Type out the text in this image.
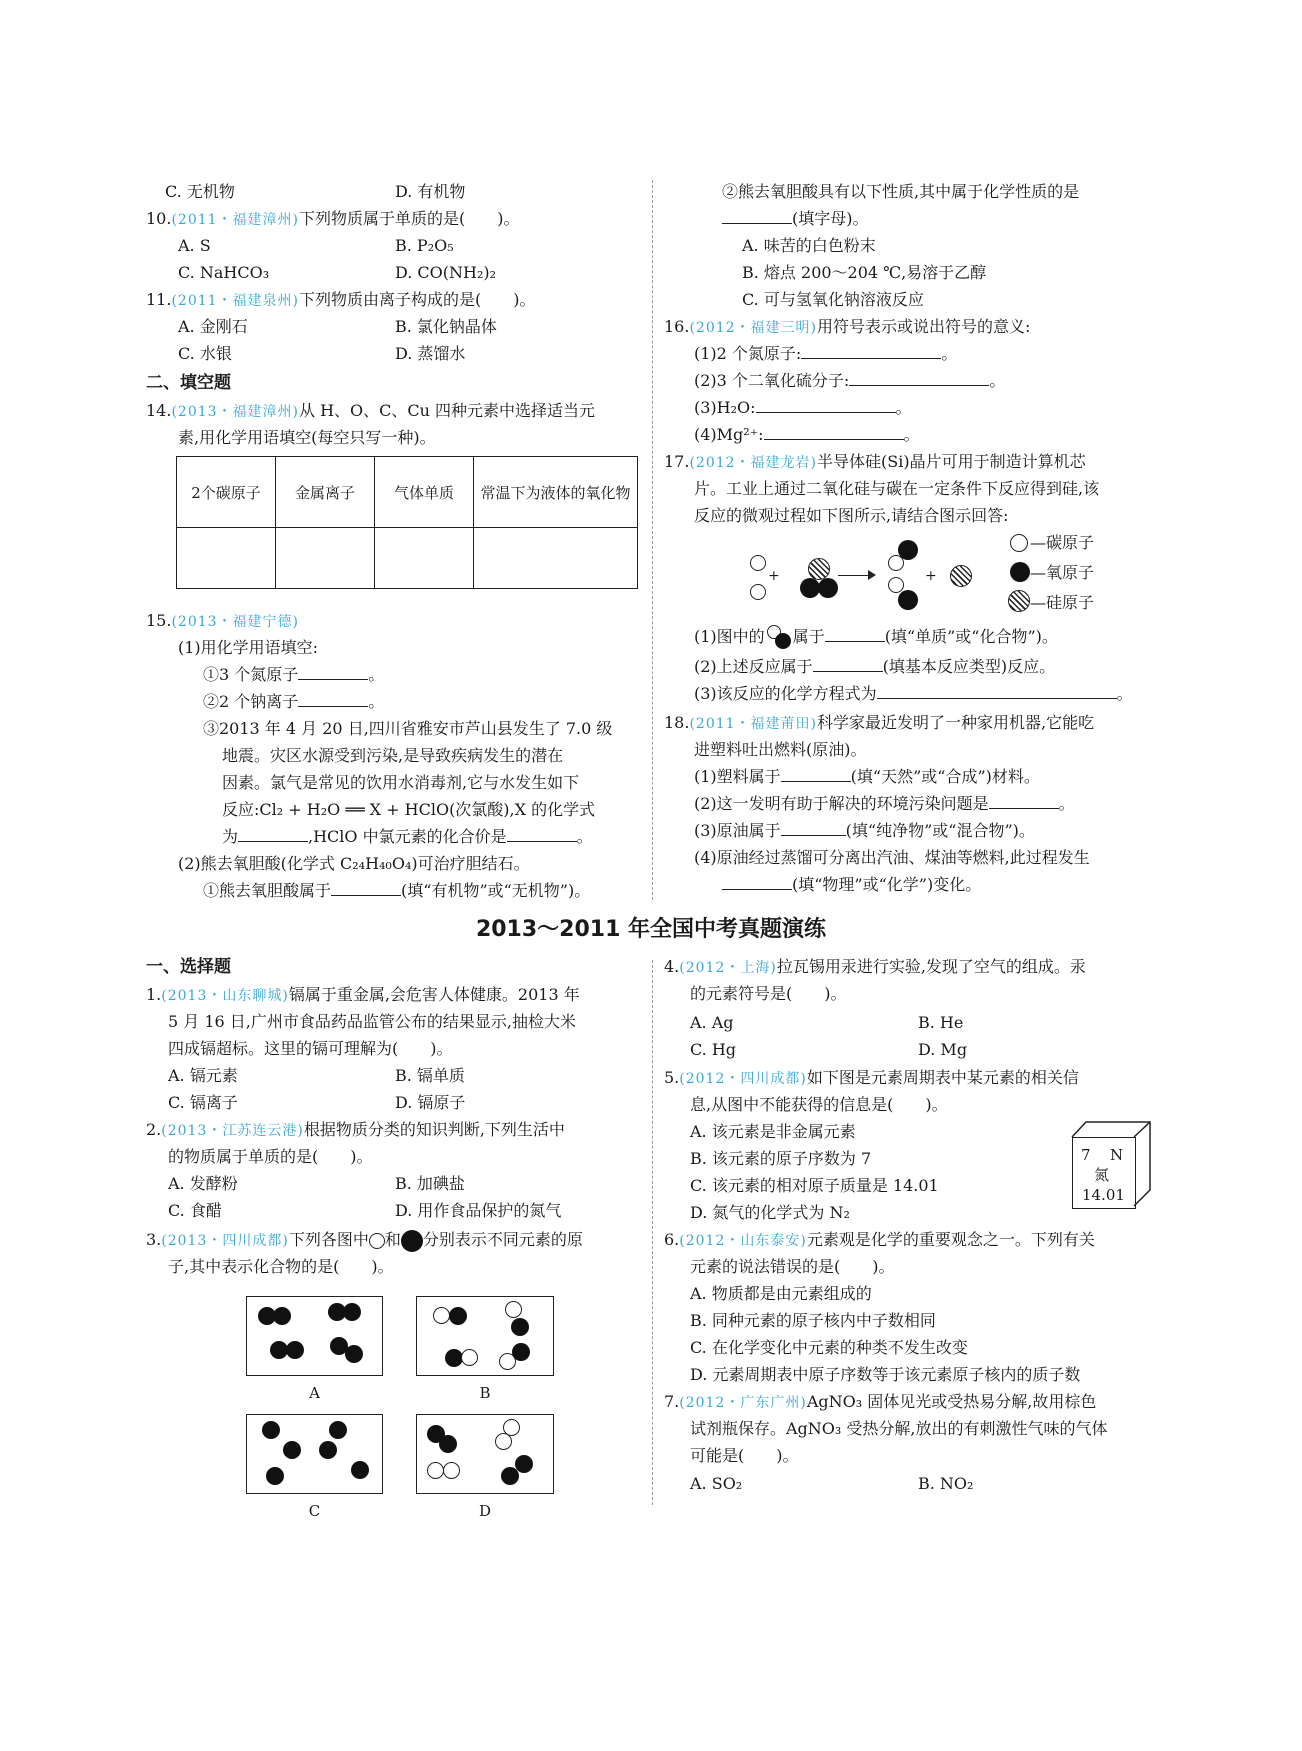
C. 无机物	D. 有机物
10.(2011・福建漳州)下列物质属于单质的是(　　)。
A. S	B. P₂O₅
C. NaHCO₃	D. CO(NH₂)₂
11.(2011・福建泉州)下列物质由离子构成的是(　　)。
A. 金刚石	B. 氯化钠晶体
C. 水银	D. 蒸馏水
二、填空题
14.(2013・福建漳州)从 H、O、C、Cu 四种元素中选择适当元
素,用化学用语填空(每空只写一种)。
2个碳原子	金属离子	气体单质	常温下为液体的氧化物

15.(2013・福建宁德)
(1)用化学用语填空:
①3 个氮原子	。
②2 个钠离子	。
③2013 年 4 月 20 日,四川省雅安市芦山县发生了 7.0 级
地震。灾区水源受到污染,是导致疾病发生的潜在
因素。氯气是常见的饮用水消毒剂,它与水发生如下
反应:Cl₂ + H₂O ══ X + HClO(次氯酸),X 的化学式
为	,HClO 中氯元素的化合价是	。
(2)熊去氧胆酸(化学式 C₂₄H₄₀O₄)可治疗胆结石。
①熊去氧胆酸属于	(填“有机物”或“无机物”)。
②熊去氧胆酸具有以下性质,其中属于化学性质的是
(填字母)。
A. 味苦的白色粉末
B. 熔点 200～204 ℃,易溶于乙醇
C. 可与氢氧化钠溶液反应
16.(2012・福建三明)用符号表示或说出符号的意义:
(1)2 个氮原子:	。
(2)3 个二氧化硫分子:	。
(3)H₂O:	。
(4)Mg²⁺:	。
17.(2012・福建龙岩)半导体硅(Si)晶片可用于制造计算机芯
片。工业上通过二氧化硅与碳在一定条件下反应得到硅,该
反应的微观过程如下图所示,请结合图示回答:
+	+
—碳原子
—氧原子
—硅原子
(1)图中的 属于	(填“单质”或“化合物”)。
(2)上述反应属于	(填基本反应类型)反应。
(3)该反应的化学方程式为	。
18.(2011・福建莆田)科学家最近发明了一种家用机器,它能吃
进塑料吐出燃料(原油)。
(1)塑料属于	(填“天然”或“合成”)材料。
(2)这一发明有助于解决的环境污染问题是	。
(3)原油属于	(填“纯净物”或“混合物”)。
(4)原油经过蒸馏可分离出汽油、煤油等燃料,此过程发生
(填“物理”或“化学”)变化。
2013～2011 年全国中考真题演练
一、选择题
1.(2013・山东聊城)镉属于重金属,会危害人体健康。2013 年
5 月 16 日,广州市食品药品监管公布的结果显示,抽检大米
四成镉超标。这里的镉可理解为(　　)。
A. 镉元素	B. 镉单质
C. 镉离子	D. 镉原子
2.(2013・江苏连云港)根据物质分类的知识判断,下列生活中
的物质属于单质的是(　　)。
A. 发酵粉	B. 加碘盐
C. 食醋	D. 用作食品保护的氮气
3.(2013・四川成都)下列各图中 和 分别表示不同元素的原
子,其中表示化合物的是(　　)。
A	B
C	D
4.(2012・上海)拉瓦锡用汞进行实验,发现了空气的组成。汞
的元素符号是(　　)。
A. Ag	B. He
C. Hg	D. Mg
5.(2012・四川成都)如下图是元素周期表中某元素的相关信
息,从图中不能获得的信息是(　　)。
A. 该元素是非金属元素
B. 该元素的原子序数为 7
C. 该元素的相对原子质量是 14.01
D. 氮气的化学式为 N₂
7 N
氮
14.01
6.(2012・山东泰安)元素观是化学的重要观念之一。下列有关
元素的说法错误的是(　　)。
A. 物质都是由元素组成的
B. 同种元素的原子核内中子数相同
C. 在化学变化中元素的种类不发生改变
D. 元素周期表中原子序数等于该元素原子核内的质子数
7.(2012・广东广州)AgNO₃ 固体见光或受热易分解,故用棕色
试剂瓶保存。AgNO₃ 受热分解,放出的有刺激性气味的气体
可能是(　　)。
A. SO₂	B. NO₂
